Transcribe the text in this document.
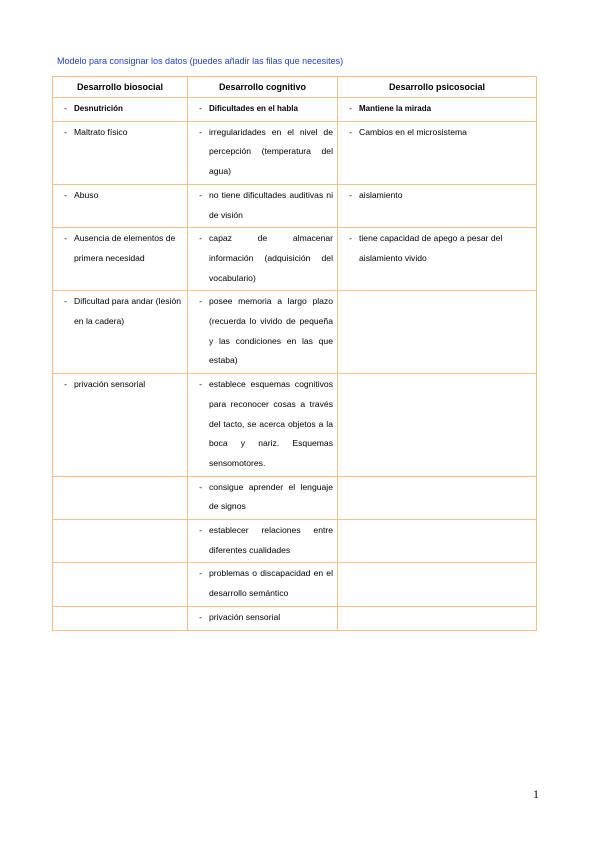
Modelo para consignar los datos (puedes añadir las filas que necesites)
Desarrollo biosocial	Desarrollo cognitivo	Desarrollo psicosocial

- Desnutrición	- Dificultades en el habla	- Mantiene la mirada

- Maltrato físico	- irregularidades en el nivel de percepción (temperatura del agua)	- Cambios en el microsistema

- Abuso	- no tiene dificultades auditivas ni de visión	- aislamiento

- Ausencia de elementos de primera necesidad	- capaz de almacenar información (adquisición del vocabulario)	- tiene capacidad de apego a pesar del aislamiento vivido

- Dificultad para andar (lesión en la cadera)	- posee memoria a largo plazo (recuerda lo vivido de pequeña y las condiciones en las que estaba)	

- privación sensorial	- establece esquemas cognitivos para reconocer cosas a través del tacto, se acerca objetos a la boca y nariz. Esquemas sensomotores.	

	- consigue aprender el lenguaje de signos	

	- establecer relaciones entre diferentes cualidades	

	- problemas o discapacidad en el desarrollo semántico	

	- privación sensorial	

1
